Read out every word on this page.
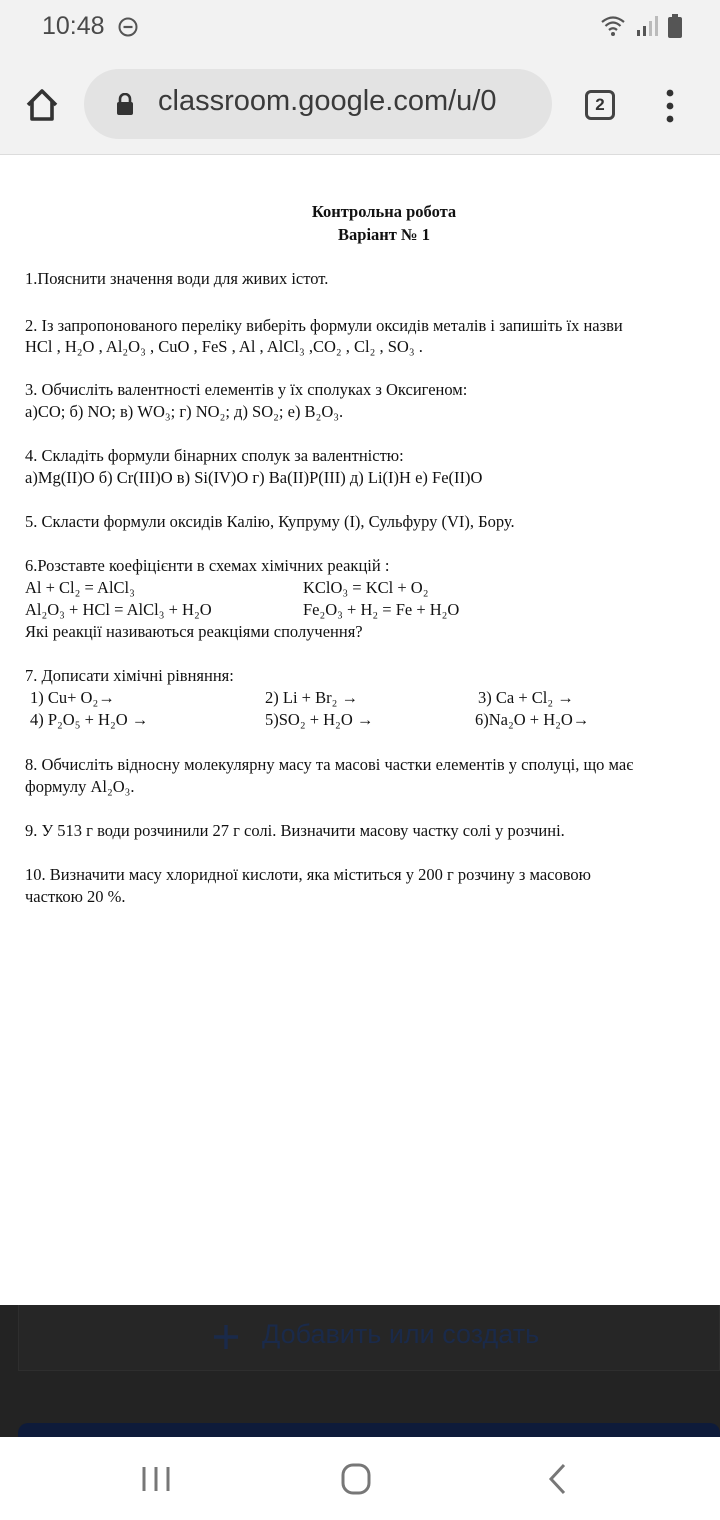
10:48
classroom.google.com/u/0	2
Контрольна робота
Варіант № 1
1.Пояснити значення води для живих істот.
2. Із запропонованого переліку виберіть формули оксидів металів і запишіть їх назви
HCl , H₂O , Al₂O₃ , CuO , FeS , Al , AlCl₃ ,CO₂ , Cl₂ , SO₃ .
3. Обчисліть валентності елементів у їх сполуках з Оксигеном:
а)CO; б) NO; в) WO₃; г) NO₂; д) SO₂; е) B₂O₃.
4. Складіть формули бінарних сполук за валентністю:
а)Mg(II)O б) Cr(III)O в) Si(IV)O г) Ba(II)P(III) д) Li(I)H е) Fe(II)O
5. Скласти формули оксидів Калію, Купруму (І), Сульфуру (VI), Бору.
6.Розставте коефіцієнти в схемах хімічних реакцій :
Al + Cl₂ = AlCl₃	KClO₃ = KCl + O₂
Al₂O₃ + HCl = AlCl₃ + H₂O	Fe₂O₃ + H₂ = Fe + H₂O
Які реакції називаються реакціями сполучення?
7. Дописати хімічні рівняння:
1) Cu+ O₂→	2) Li + Br₂ →	3) Ca + Cl₂ →
4) P₂O₅ + H₂O →	5)SO₂ + H₂O →	6)Na₂O + H₂O→
8. Обчисліть відносну молекулярну масу та масові частки елементів у сполуці, що має
формулу Al₂O₃.
9. У 513 г води розчинили 27 г солі. Визначити масову частку солі у розчині.
10. Визначити масу хлоридної кислоти, яка міститься у 200 г розчину з масовою
часткою 20 %.
Добавить или создать
